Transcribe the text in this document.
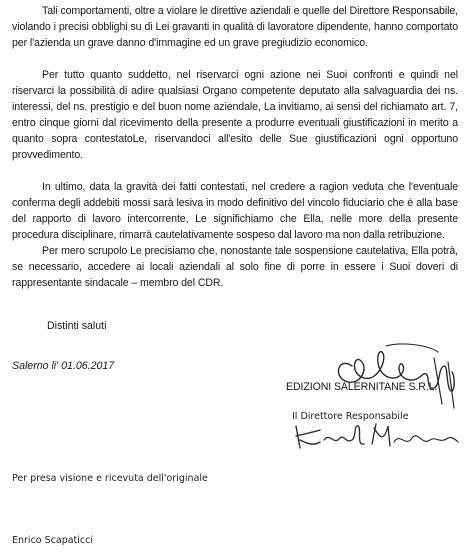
Tali comportamenti, oltre a violare le direttive aziendali e quelle del Direttore Responsabile, violando i precisi obblighi su di Lei gravanti in qualità di lavoratore dipendente, hanno comportato per l'azienda un grave danno d'immagine ed un grave pregiudizio economico.

Per tutto quanto suddetto, nel riservarci ogni azione nei Suoi confronti e quindi nel riservarci la possibilità di adire qualsiasi Organo competente deputato alla salvaguardia dei ns. interessi, del ns. prestigio e del buon nome aziendale, La invitiamo, ai sensi del richiamato art. 7, entro cinque giorni dal ricevimento della presente a produrre eventuali giustificazioni in merito a quanto sopra contestatoLe, riservandoci all'esito delle Sue giustificazioni ogni opportuno provvedimento.

In ultimo, data la gravità dei fatti contestati, nel credere a ragion veduta che l'eventuale conferma degli addebiti mossi sarà lesiva in modo definitivo del vincolo fiduciario che è alla base del rapporto di lavoro intercorrente, Le significhiamo che Ella, nelle more della presente procedura disciplinare, rimarrà cautelativamente sospeso dal lavoro ma non dalla retribuzione.

Per mero scrupolo Le precisiamo che, nonostante tale sospensione cautelativa, Ella potrà, se necessario, accedere ai locali aziendali al solo fine di porre in essere i Suoi doveri di rappresentante sindacale – membro del CDR.

Distinti saluti
Salerno li' 01.06.2017
EDIZIONI SALERNITANE S.R.L.
Il Direttore Responsabile
Per presa visione e ricevuta dell'originale
Enrico Scapaticci
